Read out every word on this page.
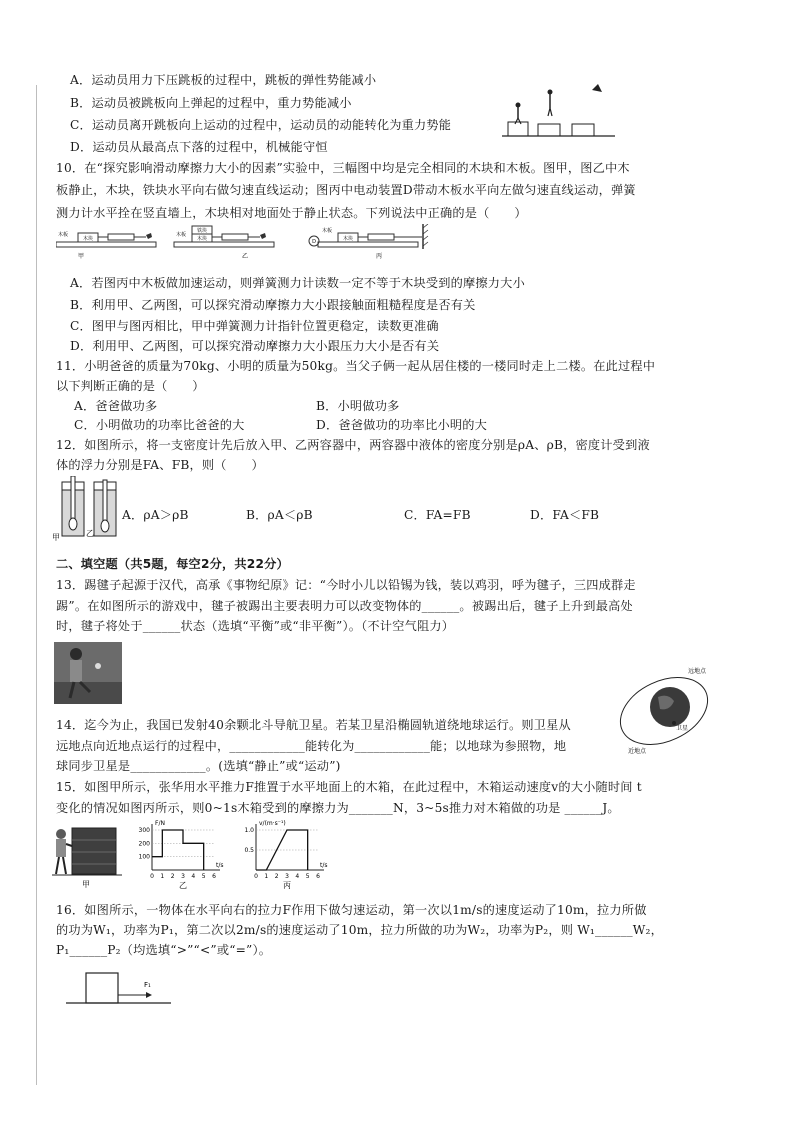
A．运动员用力下压跳板的过程中，跳板的弹性势能减小
B．运动员被跳板向上弹起的过程中，重力势能减小
C．运动员离开跳板向上运动的过程中，运动员的动能转化为重力势能
D．运动员从最高点下落的过程中，机械能守恒
10．在“探究影响滑动摩擦力大小的因素”实验中，三幅图中均是完全相同的木块和木板。图甲，图乙中木
板静止，木块，铁块水平向右做匀速直线运动；图丙中电动装置D带动木板水平向左做匀速直线运动，弹簧
测力计水平拴在竖直墙上，木块相对地面处于静止状态。下列说法中正确的是（　　）
木块
木板
甲
铁块
木块
木板
乙
D	木块
木板
丙
A．若图丙中木板做加速运动，则弹簧测力计读数一定不等于木块受到的摩擦力大小
B．利用甲、乙两图，可以探究滑动摩擦力大小跟接触面粗糙程度是否有关
C．图甲与图丙相比，甲中弹簧测力计指针位置更稳定，读数更准确
D．利用甲、乙两图，可以探究滑动摩擦力大小跟压力大小是否有关
11．小明爸爸的质量为70kg、小明的质量为50kg。当父子俩一起从居住楼的一楼同时走上二楼。在此过程中
以下判断正确的是（　　）
A．爸爸做功多	B．小明做功多
C．小明做功的功率比爸爸的大	D．爸爸做功的功率比小明的大
12．如图所示，将一支密度计先后放入甲、乙两容器中，两容器中液体的密度分别是ρA、ρB，密度计受到液
体的浮力分别是FA、FB，则（　　）
甲	乙
A．ρA＞ρB	B．ρA＜ρB	C．FA=FB	D．FA＜FB
二、填空题（共5题，每空2分，共22分）
13．踢毽子起源于汉代，高承《事物纪原》记：“今时小儿以铅锡为钱，装以鸡羽，呼为毽子，三四成群走
踢”。在如图所示的游戏中，毽子被踢出主要表明力可以改变物体的______。被踢出后，毽子上升到最高处
时，毽子将处于______状态（选填“平衡”或“非平衡”）。（不计空气阻力）
远地点
卫星
近地点
14．迄今为止，我国已发射40余颗北斗导航卫星。若某卫星沿椭圆轨道绕地球运行。则卫星从
远地点向近地点运行的过程中，____________能转化为____________能；以地球为参照物，地
球同步卫星是____________。(选填“静止”或“运动”)
15．如图甲所示，张华用水平推力F推置于水平地面上的木箱，在此过程中，木箱运动速度v的大小随时间 t
变化的情况如图丙所示，则0~1s木箱受到的摩擦力为_______N，3~5s推力对木箱做的功是 ______J。
甲
0 1 2 3 4 5 6
100
200
300
F/N
t/s
乙
0 1 2 3 4 5 6
0.5
1.0
v/(m·s⁻¹)
t/s
丙
16．如图所示，一物体在水平向右的拉力F作用下做匀速运动，第一次以1m/s的速度运动了10m，拉力所做
的功为W₁，功率为P₁，第二次以2m/s的速度运动了10m，拉力所做的功为W₂，功率为P₂，则 W₁______W₂，
P₁______P₂（均选填“>”“<”或“=”）。
F₁
